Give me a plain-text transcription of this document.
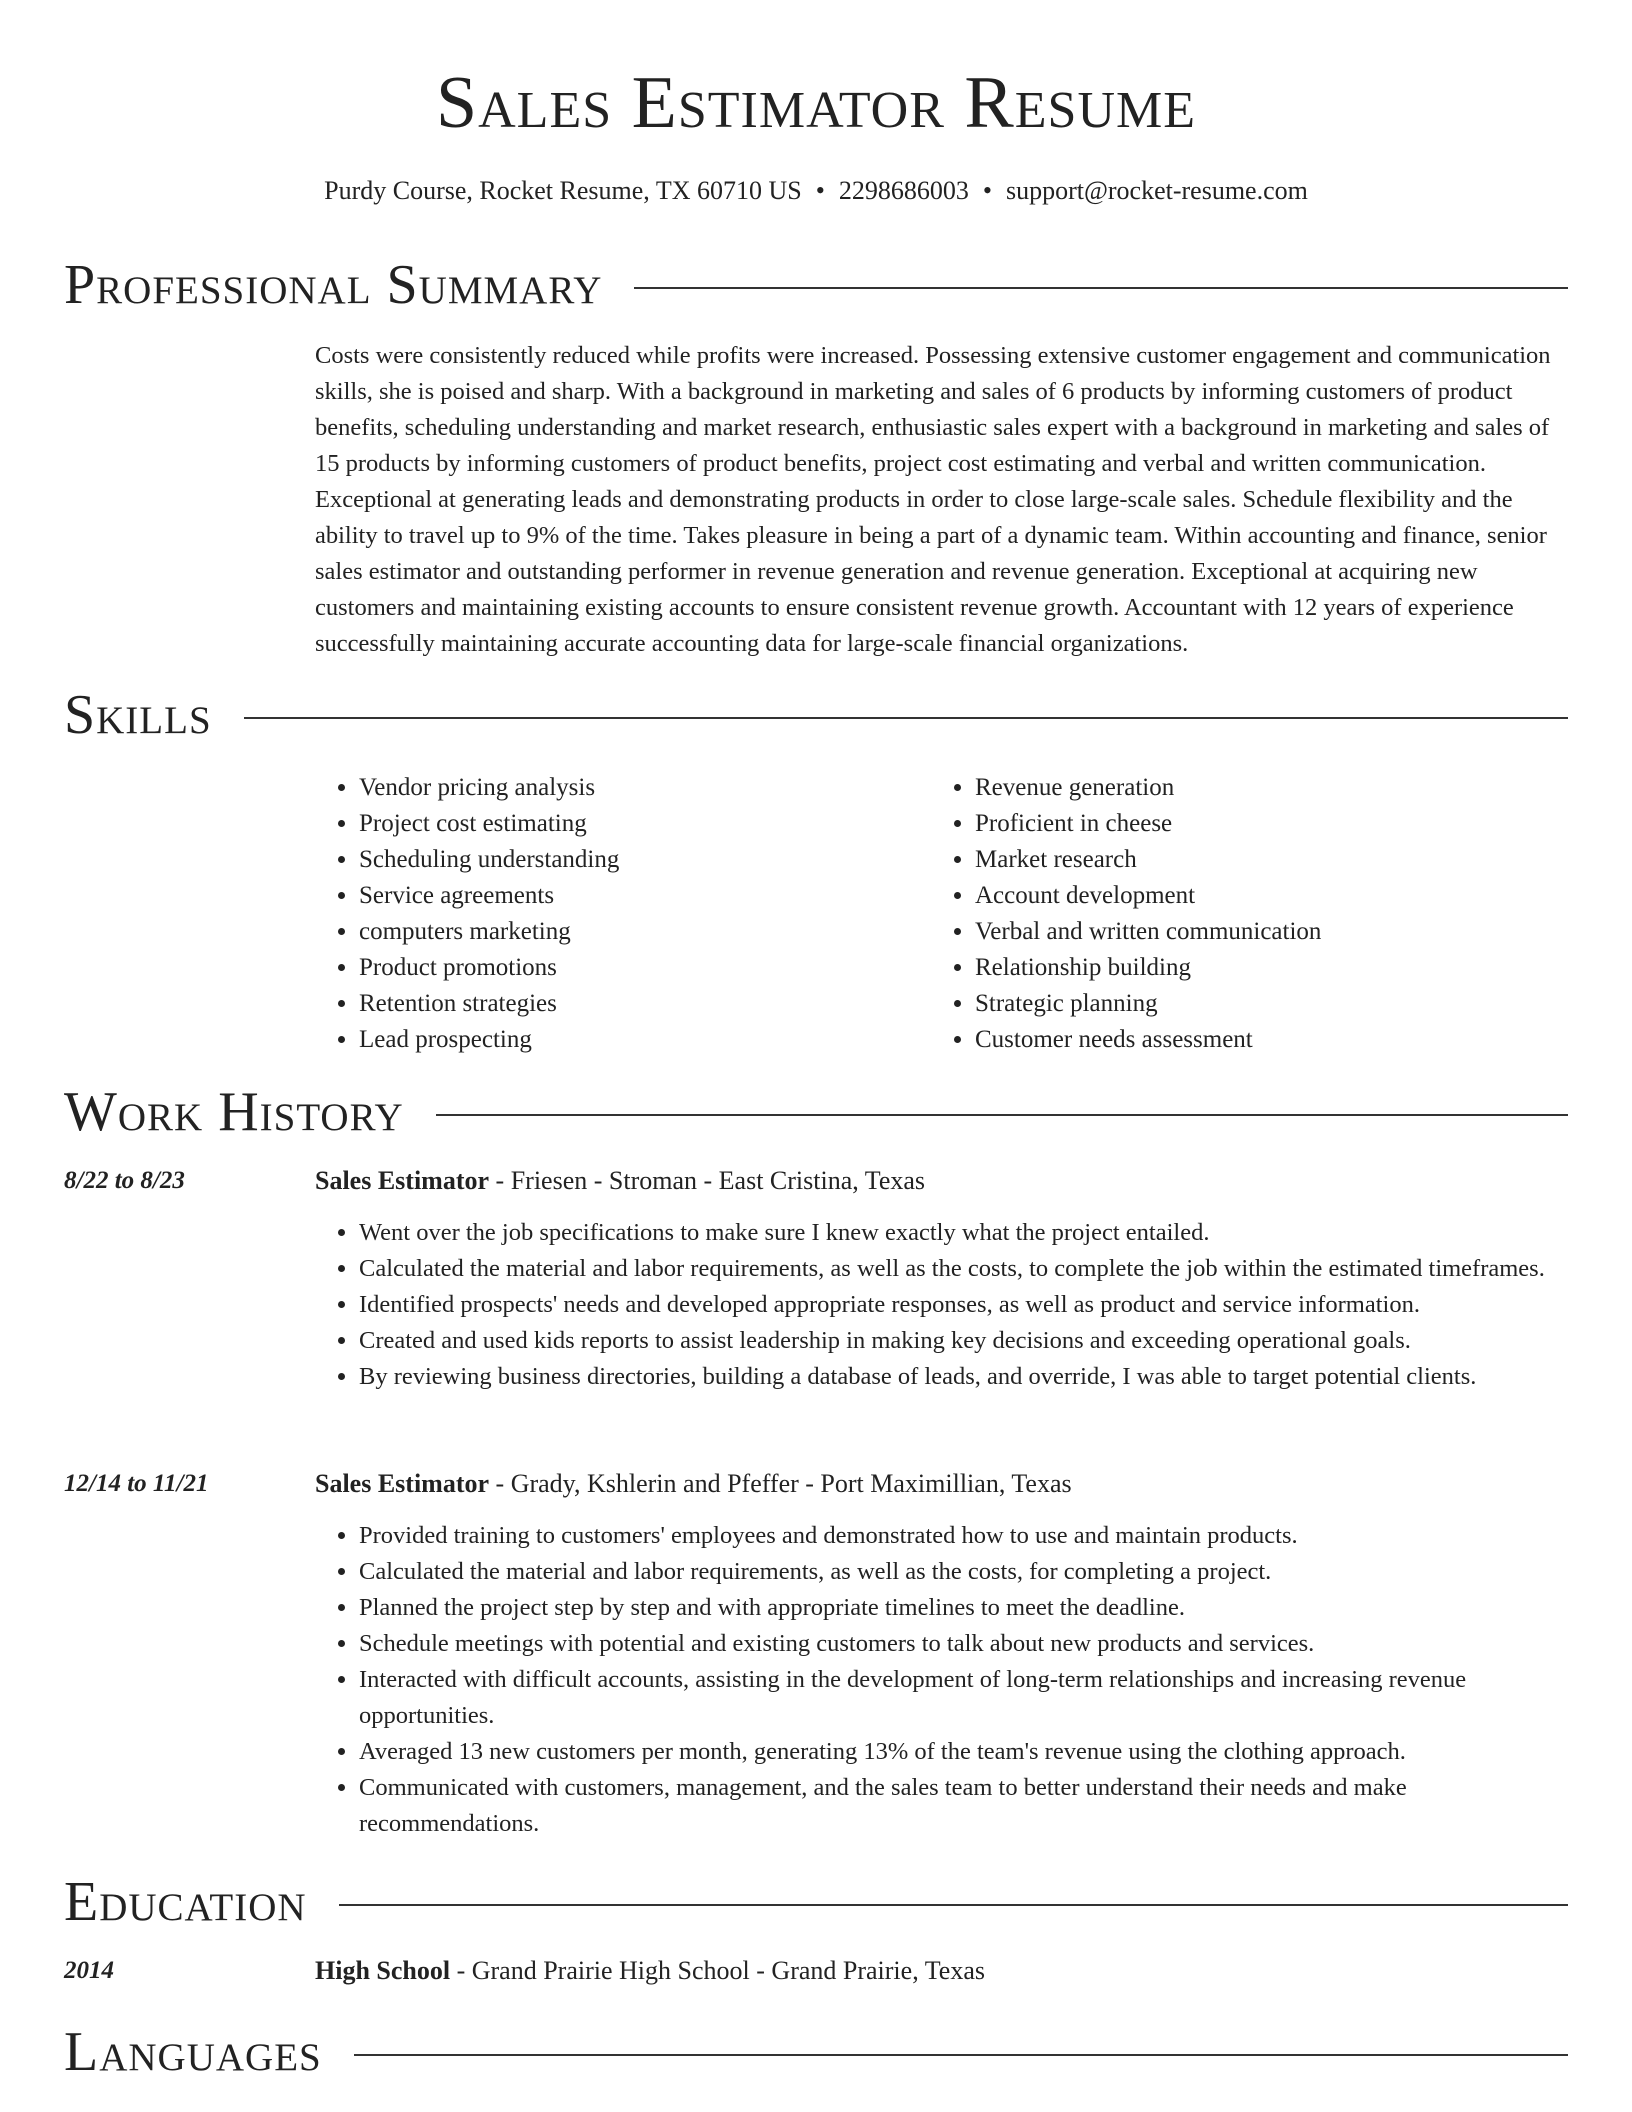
Sales Estimator Resume
Purdy Course, Rocket Resume, TX 60710 US • 2298686003 • support@rocket-resume.com
Professional Summary

Costs were consistently reduced while profits were increased. Possessing extensive customer engagement and communication skills, she is poised and sharp. With a background in marketing and sales of 6 products by informing customers of product benefits, scheduling understanding and market research, enthusiastic sales expert with a background in marketing and sales of 15 products by informing customers of product benefits, project cost estimating and verbal and written communication. Exceptional at generating leads and demonstrating products in order to close large-scale sales. Schedule flexibility and the ability to travel up to 9% of the time. Takes pleasure in being a part of a dynamic team. Within accounting and finance, senior sales estimator and outstanding performer in revenue generation and revenue generation. Exceptional at acquiring new customers and maintaining existing accounts to ensure consistent revenue growth. Accountant with 12 years of experience successfully maintaining accurate accounting data for large-scale financial organizations.

Skills
• Vendor pricing analysis
• Project cost estimating
• Scheduling understanding
• Service agreements
• computers marketing
• Product promotions
• Retention strategies
• Lead prospecting
• Revenue generation
• Proficient in cheese
• Market research
• Account development
• Verbal and written communication
• Relationship building
• Strategic planning
• Customer needs assessment
Work History
8/22 to 8/23	Sales Estimator - Friesen - Stroman - East Cristina, Texas
• Went over the job specifications to make sure I knew exactly what the project entailed.
• Calculated the material and labor requirements, as well as the costs, to complete the job within the estimated timeframes.
• Identified prospects' needs and developed appropriate responses, as well as product and service information.
• Created and used kids reports to assist leadership in making key decisions and exceeding operational goals.
• By reviewing business directories, building a database of leads, and override, I was able to target potential clients.
12/14 to 11/21	Sales Estimator - Grady, Kshlerin and Pfeffer - Port Maximillian, Texas
• Provided training to customers' employees and demonstrated how to use and maintain products.
• Calculated the material and labor requirements, as well as the costs, for completing a project.
• Planned the project step by step and with appropriate timelines to meet the deadline.
• Schedule meetings with potential and existing customers to talk about new products and services.
• Interacted with difficult accounts, assisting in the development of long-term relationships and increasing revenue opportunities.
• Averaged 13 new customers per month, generating 13% of the team's revenue using the clothing approach.
• Communicated with customers, management, and the sales team to better understand their needs and make recommendations.
Education
2014	High School - Grand Prairie High School - Grand Prairie, Texas
Languages
